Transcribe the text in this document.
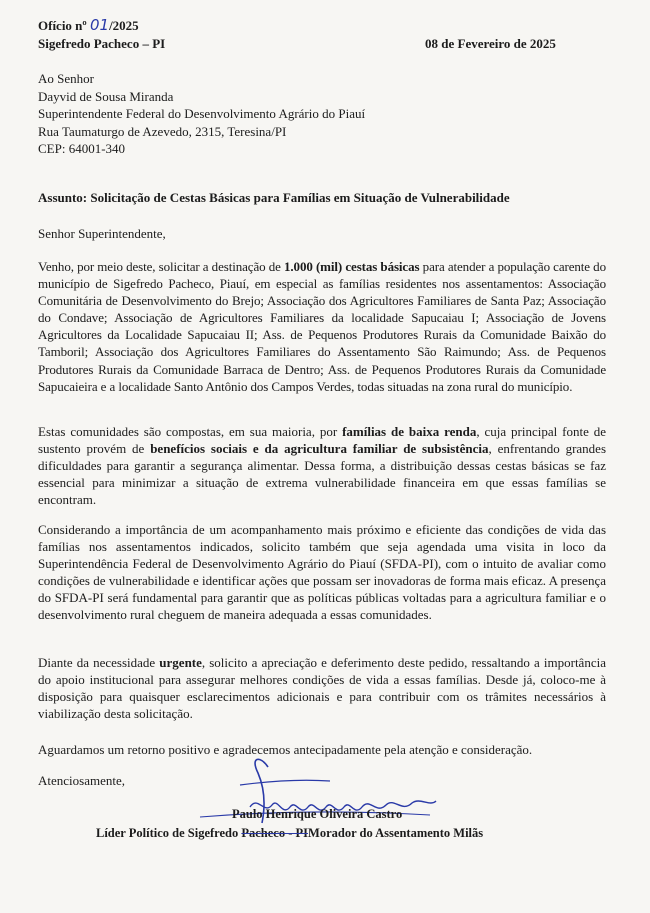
Ofício nº 01/2025
Sigefredo Pacheco – PI	08 de Fevereiro de 2025
Ao Senhor
Dayvid de Sousa Miranda
Superintendente Federal do Desenvolvimento Agrário do Piauí
Rua Taumaturgo de Azevedo, 2315, Teresina/PI
CEP: 64001-340
Assunto: Solicitação de Cestas Básicas para Famílias em Situação de Vulnerabilidade
Senhor Superintendente,

Venho, por meio deste, solicitar a destinação de 1.000 (mil) cestas básicas para atender a população carente do município de Sigefredo Pacheco, Piauí, em especial as famílias residentes nos assentamentos: Associação Comunitária de Desenvolvimento do Brejo; Associação dos Agricultores Familiares de Santa Paz; Associação do Condave; Associação de Agricultores Familiares da localidade Sapucaiau I; Associação de Jovens Agricultores da Localidade Sapucaiau II; Ass. de Pequenos Produtores Rurais da Comunidade Baixão do Tamboril; Associação dos Agricultores Familiares do Assentamento São Raimundo; Ass. de Pequenos Produtores Rurais da Comunidade Barraca de Dentro; Ass. de Pequenos Produtores Rurais da Comunidade Sapucaieira e a localidade Santo Antônio dos Campos Verdes, todas situadas na zona rural do município.

Estas comunidades são compostas, em sua maioria, por famílias de baixa renda, cuja principal fonte de sustento provém de benefícios sociais e da agricultura familiar de subsistência, enfrentando grandes dificuldades para garantir a segurança alimentar. Dessa forma, a distribuição dessas cestas básicas se faz essencial para minimizar a situação de extrema vulnerabilidade financeira em que essas famílias se encontram.

Considerando a importância de um acompanhamento mais próximo e eficiente das condições de vida das famílias nos assentamentos indicados, solicito também que seja agendada uma visita in loco da Superintendência Federal de Desenvolvimento Agrário do Piauí (SFDA-PI), com o intuito de avaliar como condições de vulnerabilidade e identificar ações que possam ser inovadoras de forma mais eficaz. A presença do SFDA-PI será fundamental para garantir que as políticas públicas voltadas para a agricultura familiar e o desenvolvimento rural cheguem de maneira adequada a essas comunidades.

Diante da necessidade urgente, solicito a apreciação e deferimento deste pedido, ressaltando a importância do apoio institucional para assegurar melhores condições de vida a essas famílias. Desde já, coloco-me à disposição para quaisquer esclarecimentos adicionais e para contribuir com os trâmites necessários à viabilização desta solicitação.

Aguardamos um retorno positivo e agradecemos antecipadamente pela atenção e consideração.
Atenciosamente,
Paulo Henrique Oliveira Castro
Líder Político de Sigefredo Pacheco - PIMorador do Assentamento Milãs
